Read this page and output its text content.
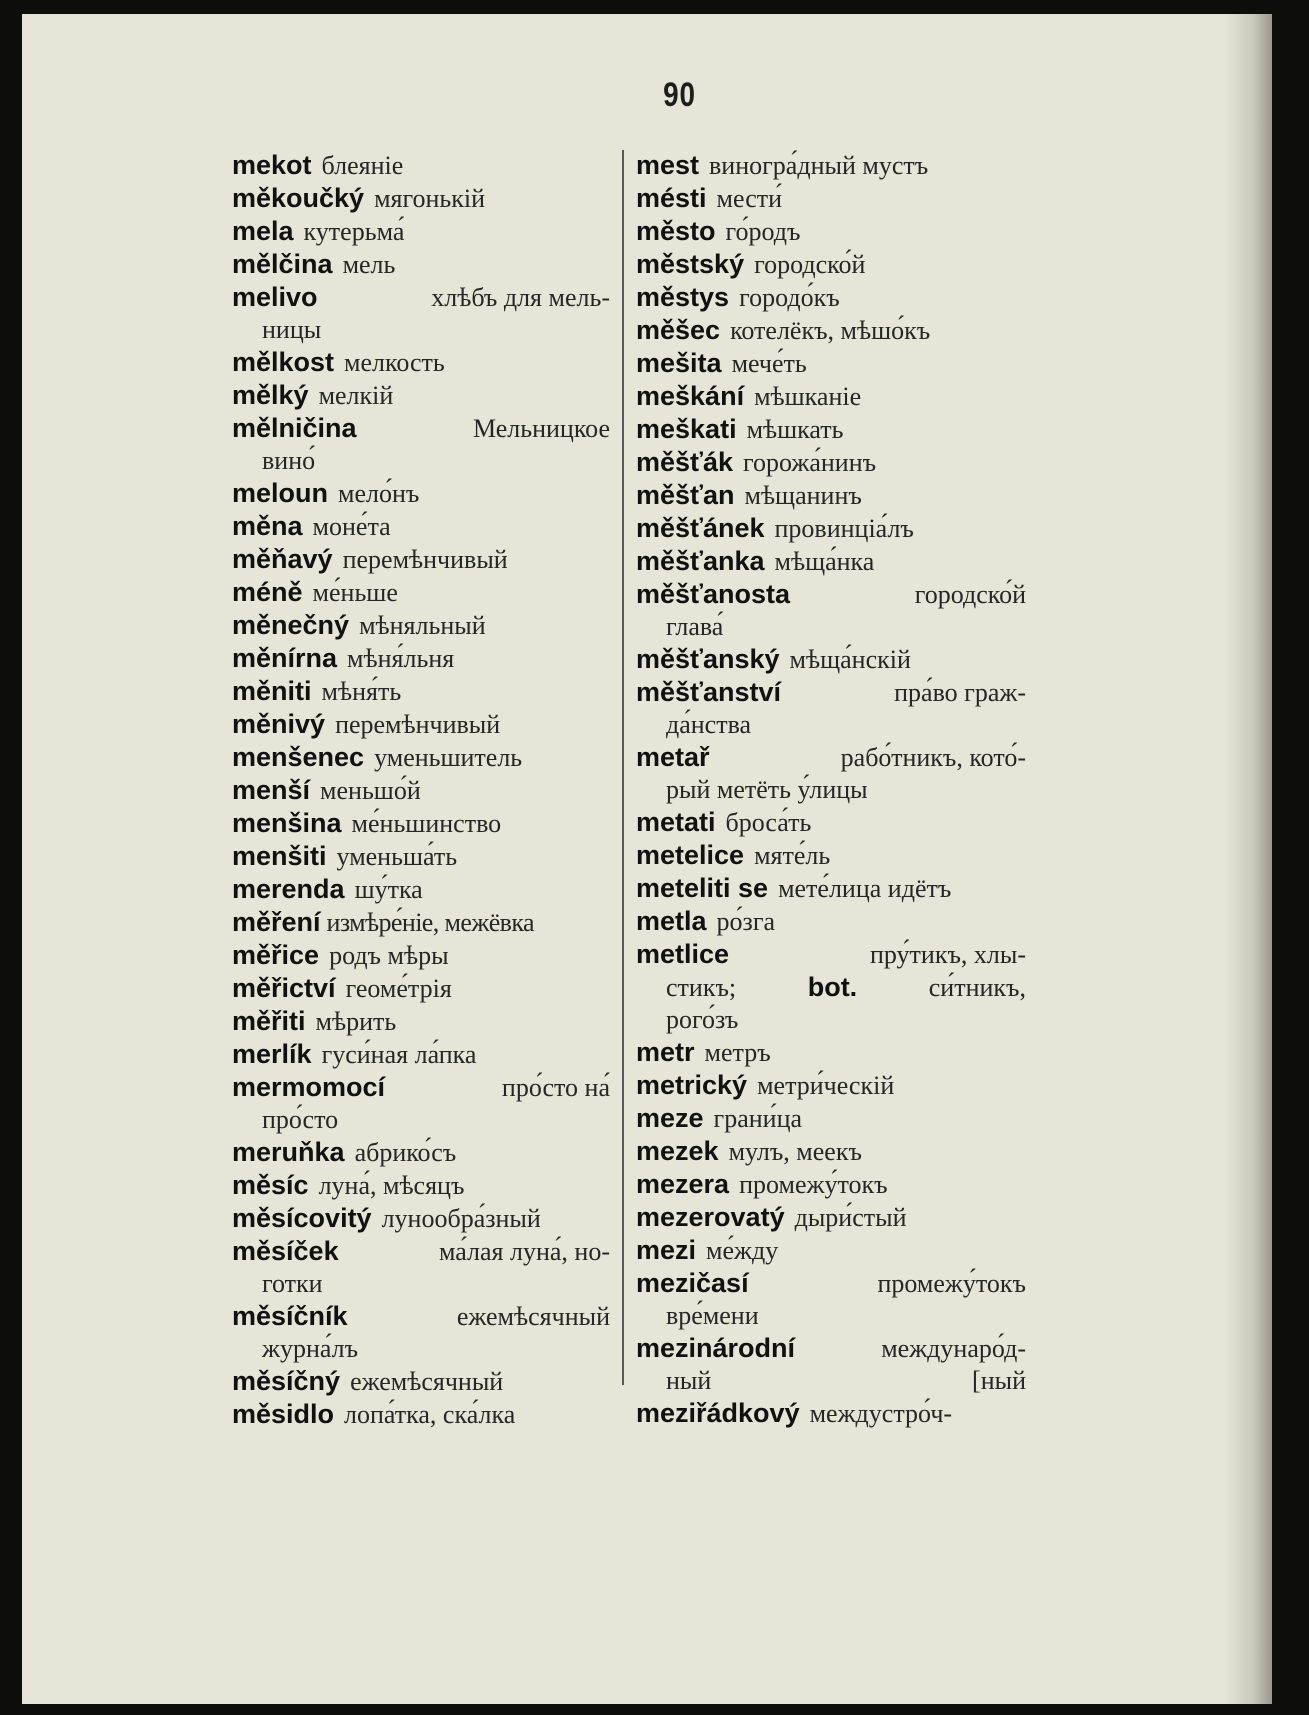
90
mekot блеяніе
měkoučký мягонькій
mela кутерьма́
mělčina мель
melivo	хлѣбъ для мель-
ницы
mělkost мелкость
mělký мелкій
mělničina	Мельницкое
вино́
meloun мело́нъ
měna моне́та
měňavý перемѣнчивый
méně ме́ньше
měnečný мѣняльный
měnírna мѣня́льня
měniti мѣня́ть
měnivý перемѣнчивый
menšenec уменьшитель
menší меньшо́й
menšina ме́ньшинство
menšiti уменьша́ть
merenda шу́тка
měření измѣре́ніе, межёвка
měřice родъ мѣры
měřictví геоме́трія
měřiti мѣрить
merlík гуси́ная ла́пка
mermomocí	про́сто на́
про́сто
meruňka абрико́съ
měsíc луна́, мѣсяцъ
měsícovitý лунообра́зный
měsíček	ма́лая луна́, но-
готки
měsíčník	ежемѣсячный
журна́лъ
měsíčný ежемѣсячный
měsidlo лопа́тка, ска́лка
mest виногра́дный мустъ
mésti мести́
město го́родъ
městský городско́й
městys городо́къ
měšec котелёкъ, мѣшо́къ
mešita мече́ть
meškání мѣшканіе
meškati мѣшкать
měšťák горожа́нинъ
měšťan мѣщанинъ
měšťánek провинціа́лъ
měšťanka мѣща́нка
měšťanosta	городско́й
глава́
měšťanský мѣща́нскій
měšťanství	пра́во граж-
да́нства
metař	рабо́тникъ, кото́-
рый метёть у́лицы
metati броса́ть
metelice мяте́ль
meteliti se мете́лица идётъ
metla ро́зга
metlice	пру́тикъ, хлы-
стикъ;	bot.	си́тникъ,
рого́зъ
metr метръ
metrický метри́ческій
meze грани́ца
mezek мулъ, меекъ
mezera промежу́токъ
mezerovatý дыри́стый
mezi ме́жду
mezičasí	промежу́токъ
вре́мени
mezinárodní	междунаро́д-
ный	[ный
meziřádkový междустро́ч-
